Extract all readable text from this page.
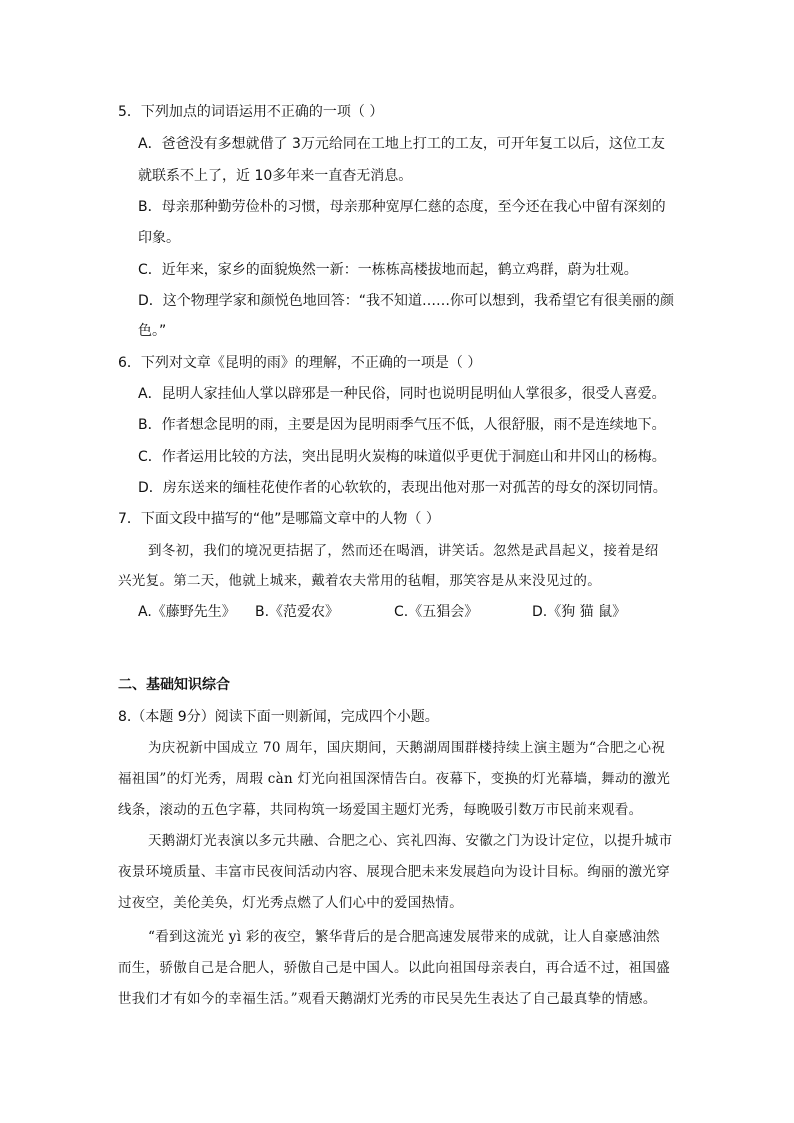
5．下列加点的词语运用不正确的一项（ ）
A．爸爸没有多想就借了 3万元给同在工地上打工的工友，可开年复工以后，这位工友
就联系不上了，近 10多年来一直杳无消息。
B．母亲那种勤劳俭朴的习惯，母亲那种宽厚仁慈的态度，至今还在我心中留有深刻的
印象。
C．近年来，家乡的面貌焕然一新：一栋栋高楼拔地而起，鹤立鸡群，蔚为壮观。
D．这个物理学家和颜悦色地回答：“我不知道……你可以想到，我希望它有很美丽的颜
色。”
6．下列对文章《昆明的雨》的理解，不正确的一项是（ ）
A．昆明人家挂仙人掌以辟邪是一种民俗，同时也说明昆明仙人掌很多，很受人喜爱。
B．作者想念昆明的雨，主要是因为昆明雨季气压不低，人很舒服，雨不是连续地下。
C．作者运用比较的方法，突出昆明火炭梅的味道似乎更优于洞庭山和井冈山的杨梅。
D．房东送来的缅桂花使作者的心软软的，表现出他对那一对孤苦的母女的深切同情。
7．下面文段中描写的“他”是哪篇文章中的人物（ ）
到冬初，我们的境况更拮据了，然而还在喝酒，讲笑话。忽然是武昌起义，接着是绍
兴光复。第二天，他就上城来，戴着农夫常用的毡帽，那笑容是从来没见过的。
A.《藤野先生》 B.《范爱农》	C.《五猖会》	D.《狗 猫 鼠》
二、基础知识综合
8.（本题 9分）阅读下面一则新闻，完成四个小题。
为庆祝新中国成立 70 周年，国庆期间，天鹅湖周围群楼持续上演主题为“合肥之心祝
福祖国”的灯光秀，周瑕 càn 灯光向祖国深情告白。夜幕下，变换的灯光幕墙，舞动的激光
线条，滚动的五色字幕，共同构筑一场爱国主题灯光秀，每晚吸引数万市民前来观看。
天鹅湖灯光表演以多元共融、合肥之心、宾礼四海、安徽之门为设计定位，以提升城市
夜景环境质量、丰富市民夜间活动内容、展现合肥未来发展趋向为设计目标。绚丽的激光穿
过夜空，美伦美奂，灯光秀点燃了人们心中的爱国热情。
“看到这流光 yì 彩的夜空，繁华背后的是合肥高速发展带来的成就，让人自豪感油然
而生，骄傲自己是合肥人，骄傲自己是中国人。以此向祖国母亲表白，再合适不过，祖国盛
世我们才有如今的幸福生活。”观看天鹅湖灯光秀的市民吴先生表达了自己最真挚的情感。
